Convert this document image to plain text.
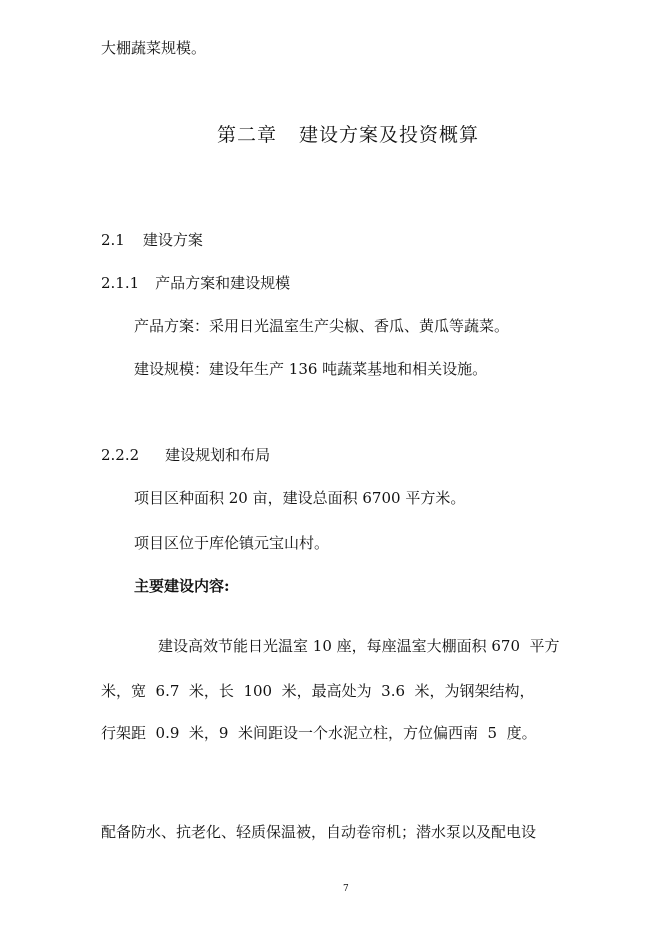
大棚蔬菜规模。
第二章 建设方案及投资概算
2.1 建设方案
2.1.1 产品方案和建设规模
产品方案：采用日光温室生产尖椒、香瓜、黄瓜等蔬菜。
建设规模：建设年生产 136 吨蔬菜基地和相关设施。
2.2.2 建设规划和布局
项目区种面积 20 亩，建设总面积 6700 平方米。
项目区位于库伦镇元宝山村。
主要建设内容:
建设高效节能日光温室 10 座，每座温室大棚面积 670  平方
米，宽  6.7  米，长  100  米，最高处为  3.6  米，为钢架结构，
行架距  0.9  米，9  米间距设一个水泥立柱，方位偏西南  5  度。
配备防水、抗老化、轻质保温被，自动卷帘机；潜水泵以及配电设
7
